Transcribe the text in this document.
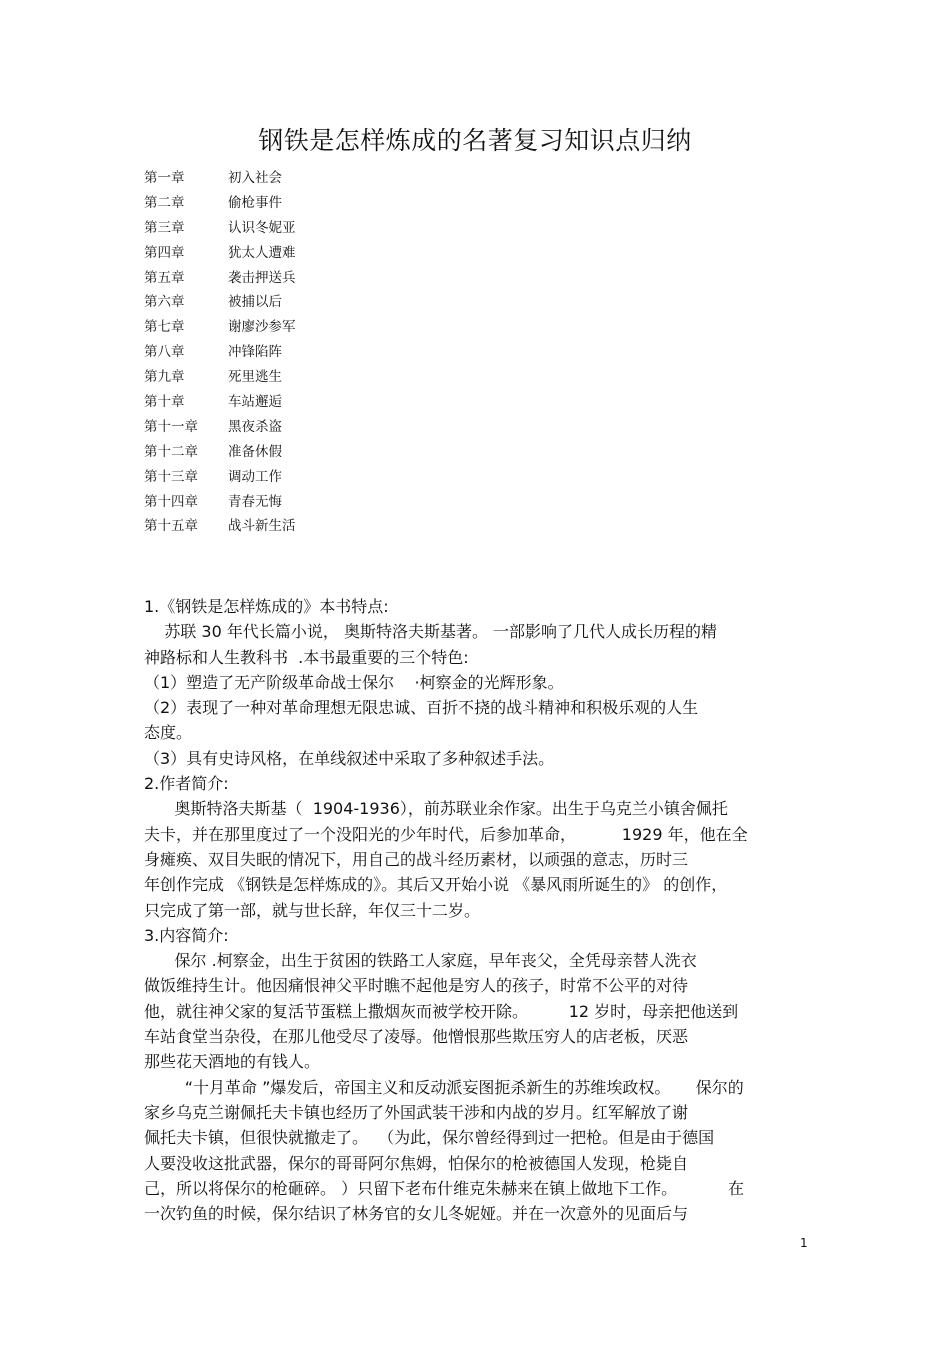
钢铁是怎样炼成的名著复习知识点归纳
第一章	初入社会
第二章	偷枪事件
第三章	认识冬妮亚
第四章	犹太人遭难
第五章	袭击押送兵
第六章	被捕以后
第七章	谢廖沙参军
第八章	冲锋陷阵
第九章	死里逃生
第十章	车站邂逅
第十一章	黑夜杀盗
第十二章	准备休假
第十三章	调动工作
第十四章	青春无悔
第十五章	战斗新生活
1.《钢铁是怎样炼成的》本书特点:
苏联 30 年代长篇小说， 奥斯特洛夫斯基著。 一部影响了几代人成长历程的精
神路标和人生教科书  .本书最重要的三个特色:
（1）塑造了无产阶级革命战士保尔    ·柯察金的光辉形象。
（2）表现了一种对革命理想无限忠诚、百折不挠的战斗精神和积极乐观的人生
态度。
（3）具有史诗风格，在单线叙述中采取了多种叙述手法。
2.作者简介:
奥斯特洛夫斯基（  1904-1936），前苏联业余作家。出生于乌克兰小镇舍佩托
夫卡，并在那里度过了一个没阳光的少年时代，后参加革命，         1929 年，他在全
身瘫痪、双目失眠的情况下，用自己的战斗经历素材，以顽强的意志，历时三
年创作完成 《钢铁是怎样炼成的》。其后又开始小说 《暴风雨所诞生的》 的创作，
只完成了第一部，就与世长辞，年仅三十二岁。
3.内容简介:
保尔 .柯察金，出生于贫困的铁路工人家庭，早年丧父，全凭母亲替人洗衣
做饭维持生计。他因痛恨神父平时瞧不起他是穷人的孩子，时常不公平的对待
他，就往神父家的复活节蛋糕上撒烟灰而被学校开除。        12 岁时，母亲把他送到
车站食堂当杂役，在那儿他受尽了凌辱。他憎恨那些欺压穷人的店老板，厌恶
那些花天酒地的有钱人。
“十月革命 ”爆发后，帝国主义和反动派妄图扼杀新生的苏维埃政权。     保尔的
家乡乌克兰谢佩托夫卡镇也经历了外国武装干涉和内战的岁月。红军解放了谢
佩托夫卡镇，但很快就撤走了。  （为此，保尔曾经得到过一把枪。但是由于德国
人要没收这批武器，保尔的哥哥阿尔焦姆，怕保尔的枪被德国人发现，枪毙自
己，所以将保尔的枪砸碎。 ）只留下老布什维克朱赫来在镇上做地下工作。          在
一次钓鱼的时候，保尔结识了林务官的女儿冬妮娅。并在一次意外的见面后与
1
